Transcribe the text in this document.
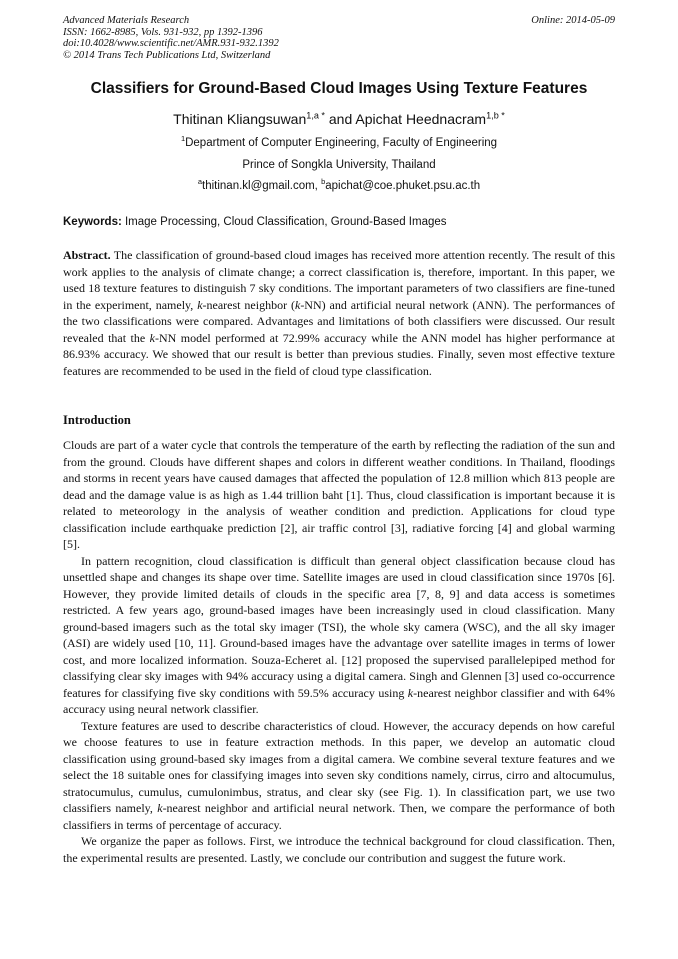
Advanced Materials Research
ISSN: 1662-8985, Vols. 931-932, pp 1392-1396
doi:10.4028/www.scientific.net/AMR.931-932.1392
© 2014 Trans Tech Publications Ltd, Switzerland
Online: 2014-05-09
Classifiers for Ground-Based Cloud Images Using Texture Features
Thitinan Kliangsuwan$^{1,a *}$ and Apichat Heednacram$^{1,b *}$
$^1$Department of Computer Engineering, Faculty of Engineering
Prince of Songkla University, Thailand
$^a$thitinan.kl@gmail.com, $^b$apichat@coe.phuket.psu.ac.th
Keywords: Image Processing, Cloud Classification, Ground-Based Images
Abstract. The classification of ground-based cloud images has received more attention recently. The result of this work applies to the analysis of climate change; a correct classification is, therefore, important. In this paper, we used 18 texture features to distinguish 7 sky conditions. The important parameters of two classifiers are fine-tuned in the experiment, namely, k-nearest neighbor (k-NN) and artificial neural network (ANN). The performances of the two classifications were compared. Advantages and limitations of both classifiers were discussed. Our result revealed that the k-NN model performed at 72.99% accuracy while the ANN model has higher performance at 86.93% accuracy. We showed that our result is better than previous studies. Finally, seven most effective texture features are recommended to be used in the field of cloud type classification.
Introduction

Clouds are part of a water cycle that controls the temperature of the earth by reflecting the radiation of the sun and from the ground. Clouds have different shapes and colors in different weather conditions. In Thailand, floodings and storms in recent years have caused damages that affected the population of 12.8 million which 813 people are dead and the damage value is as high as 1.44 trillion baht [1]. Thus, cloud classification is important because it is related to meteorology in the analysis of weather condition and prediction. Applications for cloud type classification include earthquake prediction [2], air traffic control [3], radiative forcing [4] and global warming [5].

In pattern recognition, cloud classification is difficult than general object classification because cloud has unsettled shape and changes its shape over time. Satellite images are used in cloud classification since 1970s [6]. However, they provide limited details of clouds in the specific area [7, 8, 9] and data access is sometimes restricted. A few years ago, ground-based images have been increasingly used in cloud classification. Many ground-based imagers such as the total sky imager (TSI), the whole sky camera (WSC), and the all sky imager (ASI) are widely used [10, 11]. Ground-based images have the advantage over satellite images in terms of lower cost, and more localized information. Souza-Echeret al. [12] proposed the supervised parallelepiped method for classifying clear sky images with 94% accuracy using a digital camera. Singh and Glennen [3] used co-occurrence features for classifying five sky conditions with 59.5% accuracy using k-nearest neighbor classifier and with 64% accuracy using neural network classifier.

Texture features are used to describe characteristics of cloud. However, the accuracy depends on how careful we choose features to use in feature extraction methods. In this paper, we develop an automatic cloud classification using ground-based sky images from a digital camera. We combine several texture features and we select the 18 suitable ones for classifying images into seven sky conditions namely, cirrus, cirro and altocumulus, stratocumulus, cumulus, cumulonimbus, stratus, and clear sky (see Fig. 1). In classification part, we use two classifiers namely, k-nearest neighbor and artificial neural network. Then, we compare the performance of both classifiers in terms of percentage of accuracy.

We organize the paper as follows. First, we introduce the technical background for cloud classification. Then, the experimental results are presented. Lastly, we conclude our contribution and suggest the future work.
